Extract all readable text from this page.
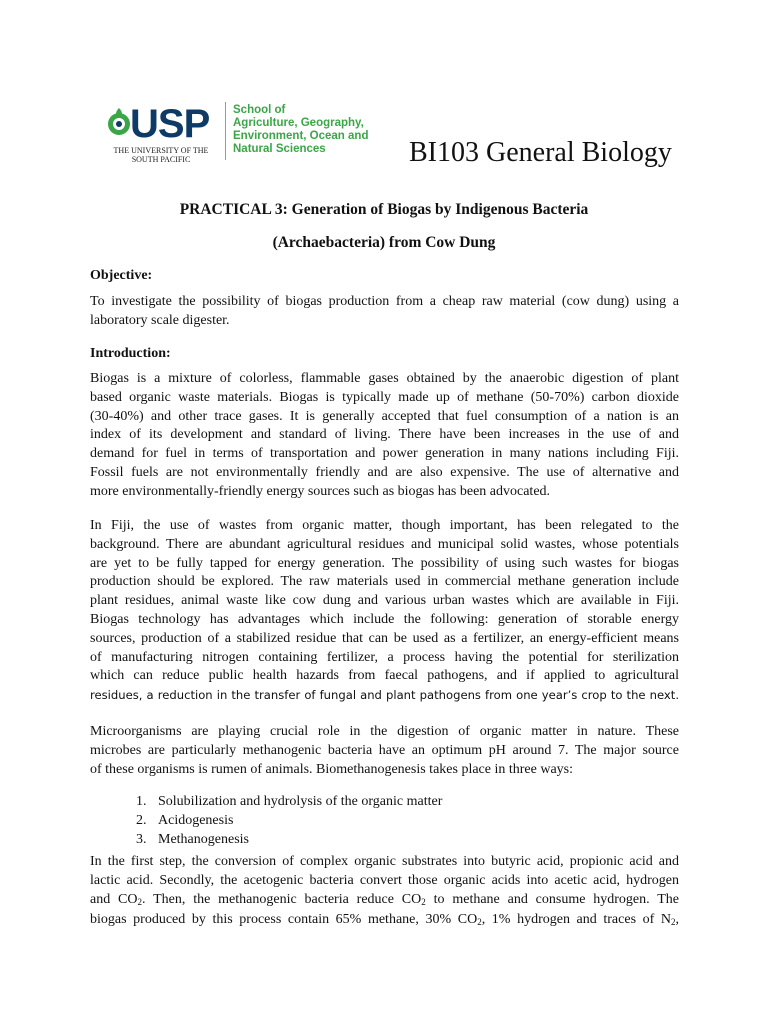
USP
THE UNIVERSITY OF THE SOUTH PACIFIC
School of
Agriculture, Geography,
Environment, Ocean and
Natural Sciences	BI103 General Biology
PRACTICAL 3: Generation of Biogas by Indigenous Bacteria
(Archaebacteria) from Cow Dung
Objective:
To investigate the possibility of biogas production from a cheap raw material (cow dung) using a
laboratory scale digester.
Introduction:
Biogas is a mixture of colorless, flammable gases obtained by the anaerobic digestion of plant
based organic waste materials. Biogas is typically made up of methane (50-70%) carbon dioxide
(30-40%) and other trace gases. It is generally accepted that fuel consumption of a nation is an
index of its development and standard of living. There have been increases in the use of and
demand for fuel in terms of transportation and power generation in many nations including Fiji.
Fossil fuels are not environmentally friendly and are also expensive. The use of alternative and
more environmentally-friendly energy sources such as biogas has been advocated.
In Fiji, the use of wastes from organic matter, though important, has been relegated to the
background. There are abundant agricultural residues and municipal solid wastes, whose potentials
are yet to be fully tapped for energy generation. The possibility of using such wastes for biogas
production should be explored. The raw materials used in commercial methane generation include
plant residues, animal waste like cow dung and various urban wastes which are available in Fiji.
Biogas technology has advantages which include the following: generation of storable energy
sources, production of a stabilized residue that can be used as a fertilizer, an energy-efficient means
of manufacturing nitrogen containing fertilizer, a process having the potential for sterilization
which can reduce public health hazards from faecal pathogens, and if applied to agricultural
residues, a reduction in the transfer of fungal and plant pathogens from one year’s crop to the next.
Microorganisms are playing crucial role in the digestion of organic matter in nature. These
microbes are particularly methanogenic bacteria have an optimum pH around 7. The major source
of these organisms is rumen of animals. Biomethanogenesis takes place in three ways:
1. Solubilization and hydrolysis of the organic matter
2. Acidogenesis
3. Methanogenesis
In the first step, the conversion of complex organic substrates into butyric acid, propionic acid and
lactic acid. Secondly, the acetogenic bacteria convert those organic acids into acetic acid, hydrogen
and $CO_2$. Then, the methanogenic bacteria reduce $CO_2$ to methane and consume hydrogen. The
biogas produced by this process contain 65% methane, 30% $CO_2$, 1% hydrogen and traces of $N_2$,
